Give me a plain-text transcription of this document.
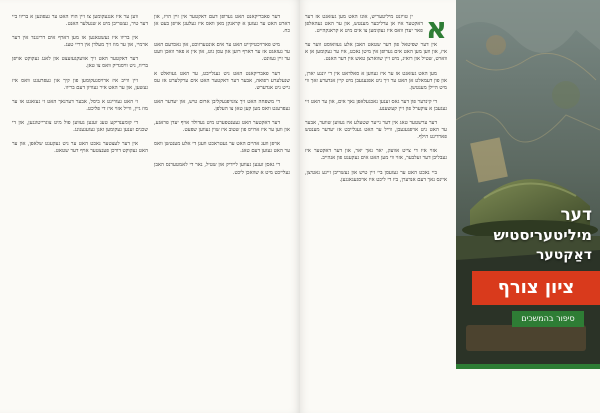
דער פאבריקאנט האט גערופן דעם דאקטער אין זיין הויז, און דארט האט ער געזען א קראנקן מאן וואס איז געלעגן אויפן בעט אן כח.

מיט פארזיכטיקייט האט ער אים אונטערזוכט, און נאכדעם האט ער געזאגט אז ער דארף רוען און עסן גוט, און אין א פאר וואכן וועט ער זיין געזונט.

דער פאבריקאנט האט ניט געגלייבט, ער האט געוואלט א שנעלערע רפואה, אבער דער דאקטער האט אים ערקלערט אז עס גייט ניט אנדערש.

די משפחה האט זיך צונויפגעקליבן ארום טיש, און יעדער האט געפרעגט וואס מען קען טאן צו העלפן.

דער דאקטער האט געענטפערט מיט געדולד אויף יעדן פראגע, און ווען ער איז ארויס פון שטוב איז שוין געווען שפעט.

אויפן וועג אהיים האט ער געטראכט וועגן די אלע מענטשן וואס ער האט געזען דעם טאג.

די גאסן זענען געווען ליידיק און שטיל, נאר די לאמטערנס האבן געלייכט מיט א שוואכן ליכט.

ווען ער איז אנגעקומען צו זיין הויז האט ער געפונען א בריוו ביי דער טיר, געשריבן מיט א שנעלער האנט.

אין בריוו איז געשטאנען אז מען דארף אים דרינגנד אין דער ארמיי, און ער מוז זיך מעלדן אין דריי טעג.

דער דאקטער האט זיך אוועקגעזעצט און לאנג געקוקט אויפן בריוו, ניט וויסנדיק וואס צו טאן.

זיין ווייב איז ארויסגעקומען פון קיך און געפרעגט וואס איז געשען, און ער האט איר געוויזן דעם בריוו.

זי האט געוויינט א ביסל, אבער דערנאך האט זי געזאגט אז ער מוז גיין, ווייל אזוי איז די פליכט.

די קומענדיקע טעג זענען געווען פול מיט צוגרייטונגען, און די שכנים זענען געקומען זאגן געזעגענונג.

אין דער לעצטער נאכט האט ער ניט געקענט שלאפן, און ער האט געקוקט דורכן פענצטער אויף דער שטאט.

א

ין טויזנט מיליטעריש, אונז האט מען געזאגט אז דער דאקטער איז אן ערליכער מענטש, און ער האט געהאלפן פאר יעדן וואס איז געקומען צו אים מיט א קראנקהייט.

אין דער שפיטאל פון דער שטאט האבן אלע געוואוסט ווער ער איז, און ווען מען האט אים גערופן אין מיטן נאכט, איז ער געקומען אן א ווארט, שטיל און רואיג, מיט זיין שווארצן טאש אין דער האנט.

מען האט געזאגט אז ער איז געווען א סאלדאט אין די יונגע יארן, און פון דעמאלט אן האט ער זיך ניט אפגעגעבן מיט קיין אנדערע זאך ווי מיט היילן מענטשן.

די קינדער פון דער גאס זענען נאכגעלאפן נאך אים, און ער האט זיי געגעבן א צוקערל פון זיין קעשענע.

דער ערשטער טאג אין דער נייער שטעלע איז געווען שווער, אבער ער האט ניט אויפגעגעבן, ווייל ער האט געגלייבט אז יעדער מענטש פארדינט הילף.

אזוי איז די צייט אוועק, יאר נאך יאר, און דער דאקטער איז געבליבן דער זעלבער, אזוי ווי מען האט אים געקענט פון אנהייב.

ביי נאכט האט ער געזעסן ביי זיין טיש און געשריבן זיינע נאטיצן, איינס נאך דעם אנדערן, ביז די ליכט איז אויסגעגאנגען.

דער
מיליטעריסטיש
דאַקטער
ציון צורף
סיפור בהמשכים
